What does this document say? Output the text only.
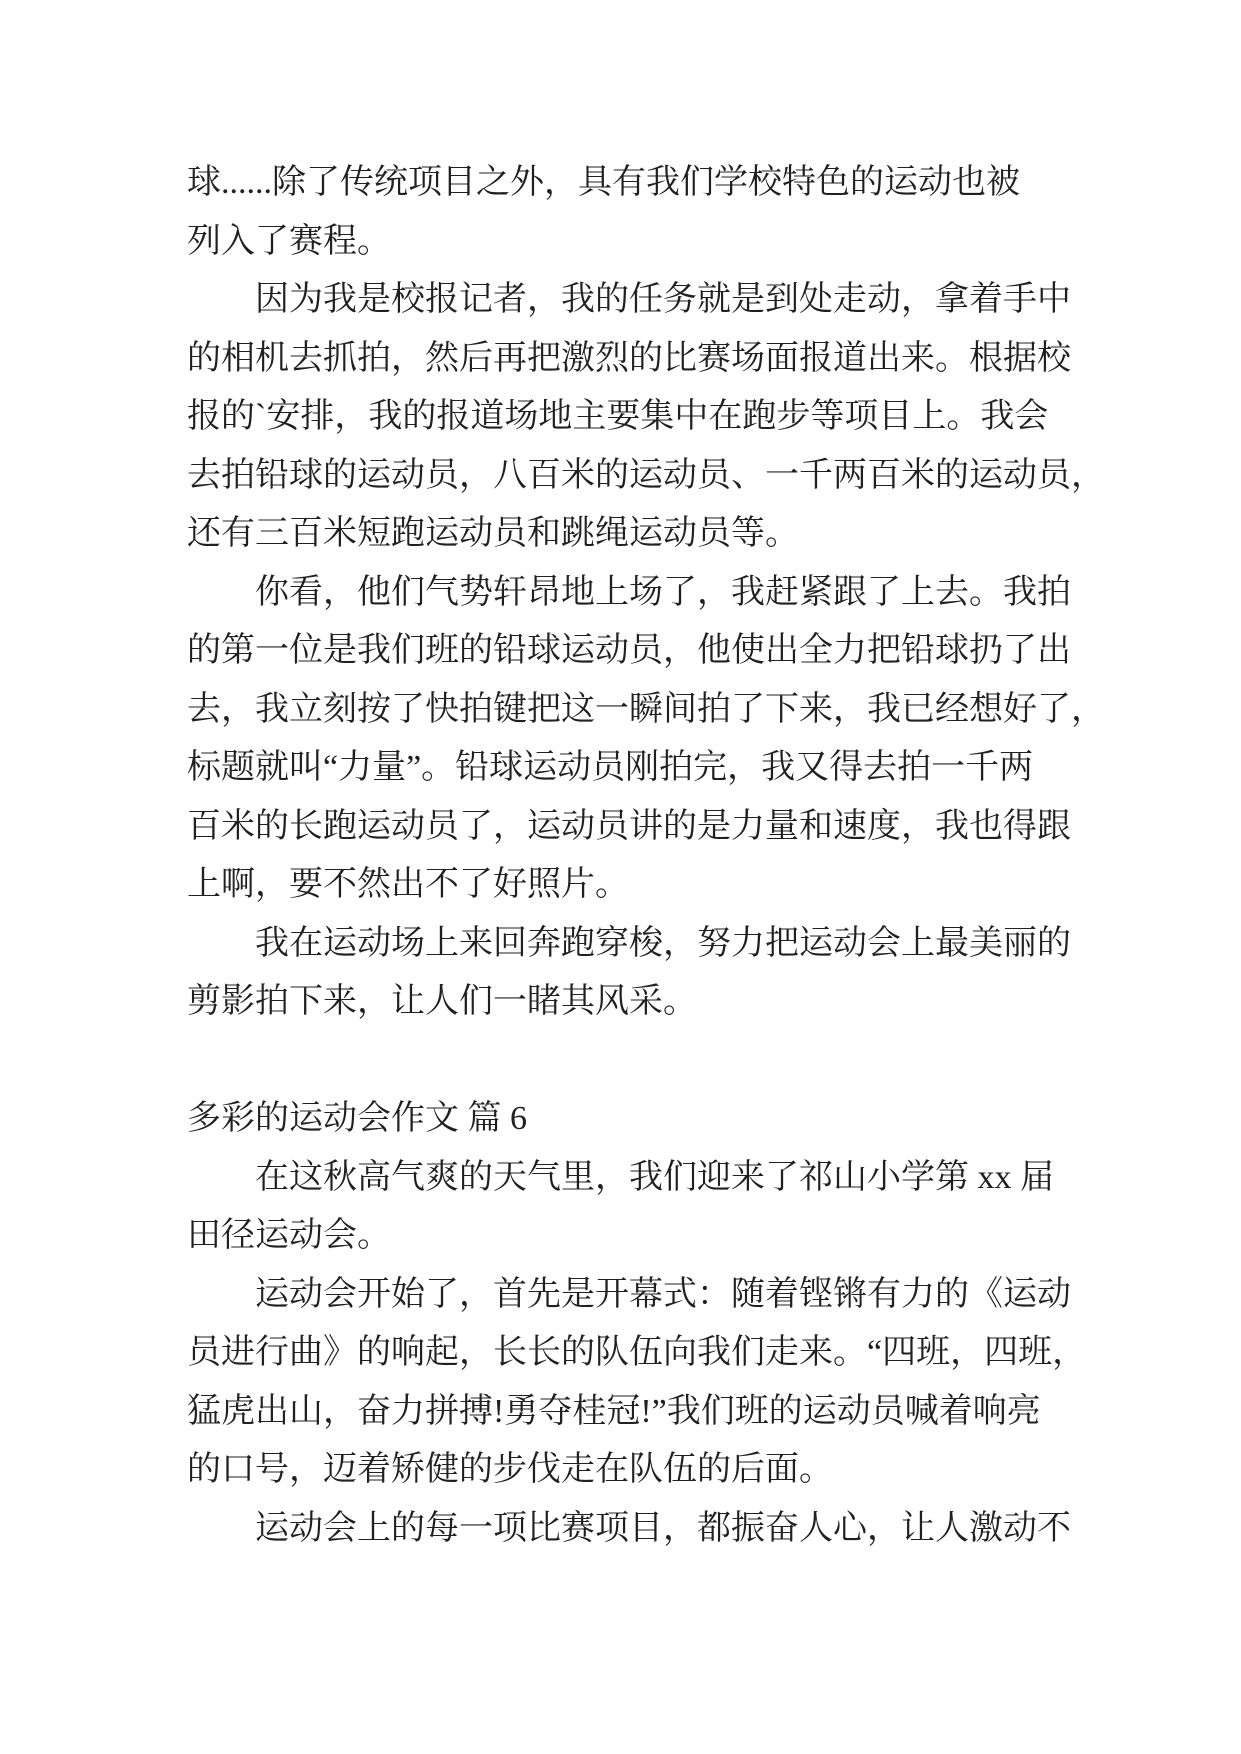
球......除了传统项目之外，具有我们学校特色的运动也被
列入了赛程。
　　因为我是校报记者，我的任务就是到处走动，拿着手中
的相机去抓拍，然后再把激烈的比赛场面报道出来。根据校
报的`安排，我的报道场地主要集中在跑步等项目上。我会
去拍铅球的运动员，八百米的运动员、一千两百米的运动员，
还有三百米短跑运动员和跳绳运动员等。
　　你看，他们气势轩昂地上场了，我赶紧跟了上去。我拍
的第一位是我们班的铅球运动员，他使出全力把铅球扔了出
去，我立刻按了快拍键把这一瞬间拍了下来，我已经想好了，
标题就叫“力量”。铅球运动员刚拍完，我又得去拍一千两
百米的长跑运动员了，运动员讲的是力量和速度，我也得跟
上啊，要不然出不了好照片。
　　我在运动场上来回奔跑穿梭，努力把运动会上最美丽的
剪影拍下来，让人们一睹其风采。
多彩的运动会作文 篇 6
　　在这秋高气爽的天气里，我们迎来了祁山小学第 xx 届
田径运动会。
　　运动会开始了，首先是开幕式：随着铿锵有力的《运动
员进行曲》的响起，长长的队伍向我们走来。“四班，四班，
猛虎出山，奋力拼搏!勇夺桂冠!”我们班的运动员喊着响亮
的口号，迈着矫健的步伐走在队伍的后面。
　　运动会上的每一项比赛项目，都振奋人心，让人激动不
